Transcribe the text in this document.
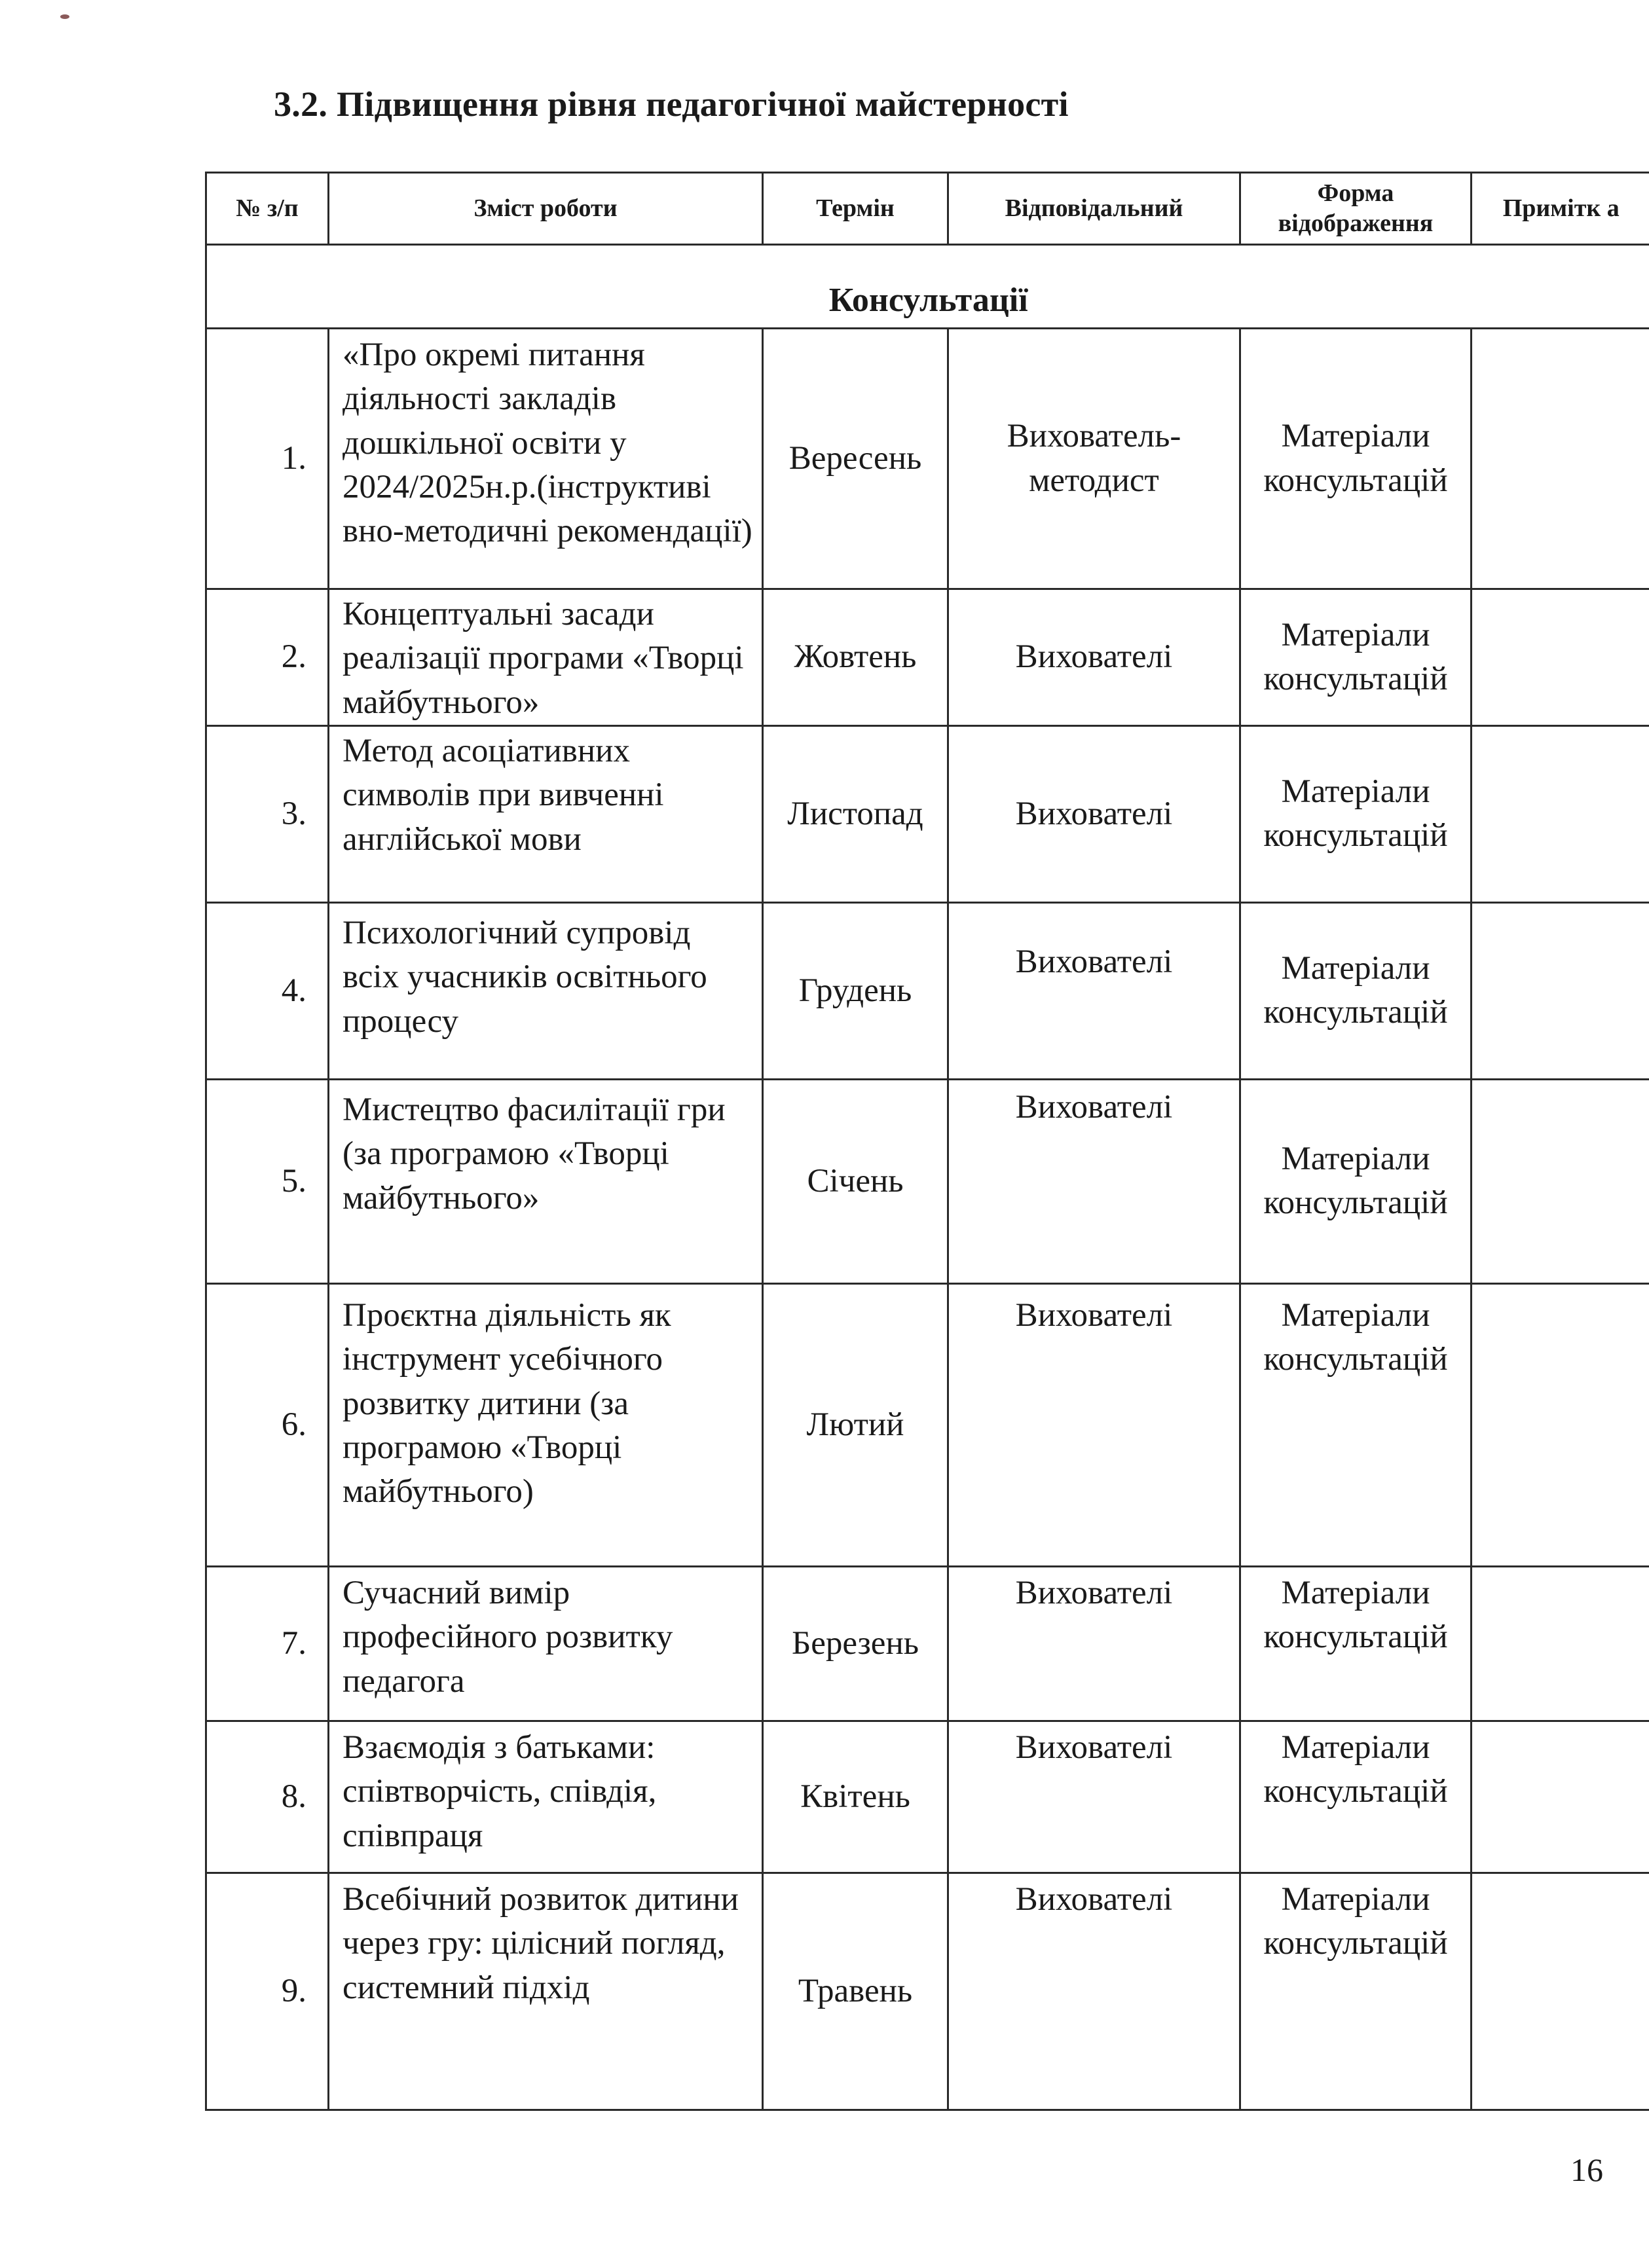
3.2. Підвищення рівня педагогічної майстерності
№ з/п	Зміст роботи	Термін	Відповідальний	Форма відображення	Примітк а
Консультації					
1.	«Про окремі питання діяльності закладів дошкільної освіти у 2024/2025н.р.(інструктиві вно-методичні рекомендації)	Вересень	Вихователь-методист	Матеріали консультацій	
2.	Концептуальні засади реалізації програми «Творці майбутнього»	Жовтень	Вихователі	Матеріали консультацій	
3.	Метод асоціативних символів при вивченні англійської мови	Листопад	Вихователі	Матеріали консультацій	
4.	Психологічний супровід всіх учасників освітнього процесу	Грудень	Вихователі	Матеріали консультацій	
5.	Мистецтво фасилітації гри (за програмою «Творці майбутнього»	Січень	Вихователі	Матеріали консультацій	
6.	Проєктна діяльність як інструмент усебічного розвитку дитини (за програмою «Творці майбутнього)	Лютий	Вихователі	Матеріали консультацій	
7.	Сучасний вимір професійного розвитку педагога	Березень	Вихователі	Матеріали консультацій	
8.	Взаємодія з батьками: співтворчість, співдія, співпраця	Квітень	Вихователі	Матеріали консультацій	
9.	Всебічний розвиток дитини через гру: цілісний погляд, системний підхід	Травень	Вихователі	Матеріали консультацій	
16
